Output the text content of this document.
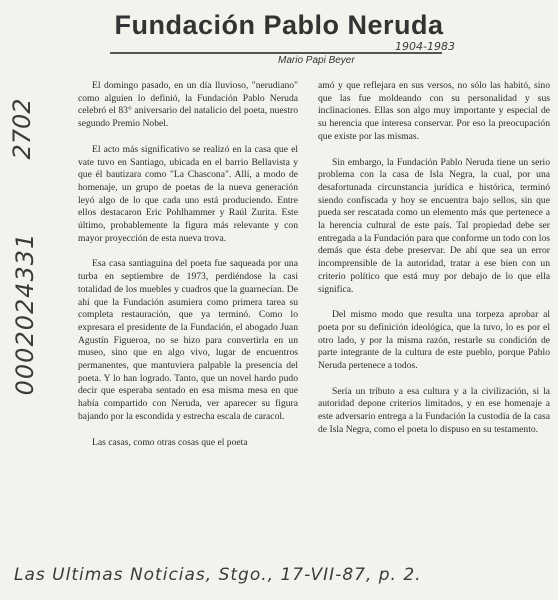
Fundación Pablo Neruda
Mario Papi Beyer
1904-1983
2702
0002024331

El domingo pasado, en un día lluvioso, "nerudiano" como alguien lo definió, la Fundación Pablo Neruda celebró el 83° aniversario del natalicio del poeta, nuestro segundo Premio Nobel.

El acto más significativo se realizó en la casa que el vate tuvo en Santiago, ubicada en el barrio Bellavista y que él bautizara como "La Chascona". Allí, a modo de homenaje, un grupo de poetas de la nueva generación leyó algo de lo que cada uno está produciendo. Entre ellos destacaron Eric Pohlhammer y Raúl Zurita. Este último, probablemente la figura más relevante y con mayor proyección de esta nueva trova.

Esa casa santiaguina del poeta fue saqueada por una turba en septiembre de 1973, perdiéndose la casi totalidad de los muebles y cuadros que la guarnecían. De ahí que la Fundación asumiera como primera tarea su completa restauración, que ya terminó. Como lo expresara el presidente de la Fundación, el abogado Juan Agustín Figueroa, no se hizo para convertirla en un museo, sino que en algo vivo, lugar de encuentros permanentes, que mantuviera palpable la presencia del poeta. Y lo han logrado. Tanto, que un novel hardo pudo decir que esperaba sentado en esa misma mesa en que había compartido con Neruda, ver aparecer su figura bajando por la escondida y estrecha escala de caracol.

Las casas, como otras cosas que el poeta

amó y que reflejara en sus versos, no sólo las habitó, sino que las fue moldeando con su personalidad y sus inclinaciones. Ellas son algo muy importante y especial de su herencia que interesa conservar. Por eso la preocupación que existe por las mismas.

Sin embargo, la Fundación Pablo Neruda tiene un serio problema con la casa de Isla Negra, la cual, por una desafortunada circunstancia jurídica e histórica, terminó siendo confiscada y hoy se encuentra bajo sellos, sin que pueda ser rescatada como un elemento más que pertenece a la herencia cultural de este país. Tal propiedad debe ser entregada a la Fundación para que conforme un todo con los demás que ésta debe preservar. De ahí que sea un error incomprensible de la autoridad, tratar a ese bien con un criterio político que está muy por debajo de lo que ella significa.

Del mismo modo que resulta una torpeza aprobar al poeta por su definición ideológica, que la tuvo, lo es por el otro lado, y por la misma razón, restarle su condición de parte integrante de la cultura de este pueblo, porque Pablo Neruda pertenece a todos.

Sería un tributo a esa cultura y a la civilización, si la autoridad depone criterios limitados, y en ese homenaje a este adversario entrega a la Fundación la custodia de la casa de Isla Negra, como el poeta lo dispuso en su testamento.

Las Ultimas Noticias, Stgo., 17-VII-87, p. 2.
